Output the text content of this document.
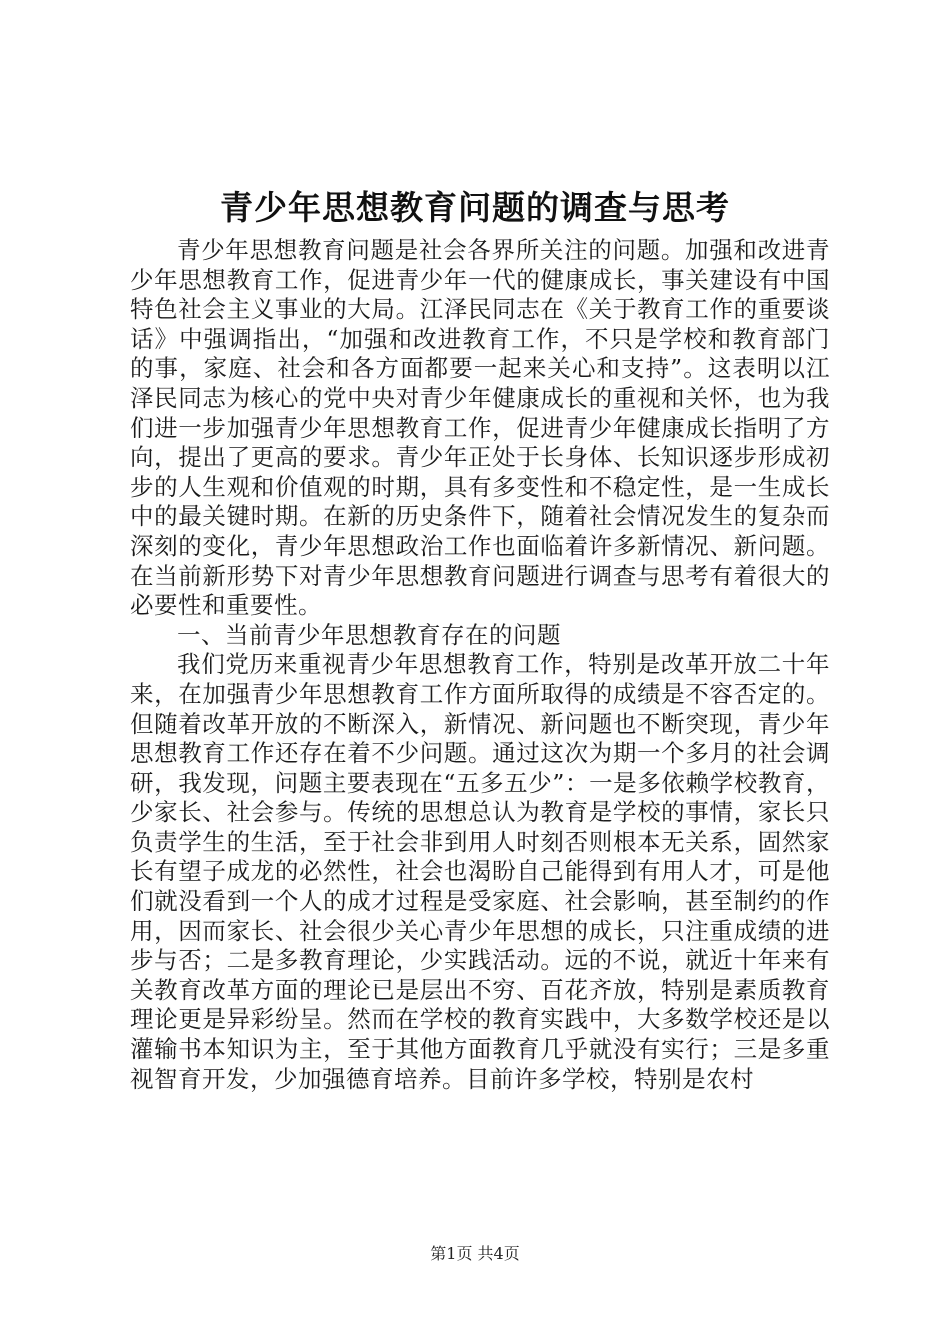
青少年思想教育问题的调查与思考

青少年思想教育问题是社会各界所关注的问题。加强和改进青少年思想教育工作，促进青少年一代的健康成长，事关建设有中国特色社会主义事业的大局。江泽民同志在《关于教育工作的重要谈话》中强调指出，“加强和改进教育工作，不只是学校和教育部门的事，家庭、社会和各方面都要一起来关心和支持”。这表明以江泽民同志为核心的党中央对青少年健康成长的重视和关怀，也为我们进一步加强青少年思想教育工作，促进青少年健康成长指明了方向，提出了更高的要求。青少年正处于长身体、长知识逐步形成初步的人生观和价值观的时期，具有多变性和不稳定性，是一生成长中的最关键时期。在新的历史条件下，随着社会情况发生的复杂而深刻的变化，青少年思想政治工作也面临着许多新情况、新问题。在当前新形势下对青少年思想教育问题进行调查与思考有着很大的必要性和重要性。

一、当前青少年思想教育存在的问题

我们党历来重视青少年思想教育工作，特别是改革开放二十年来，在加强青少年思想教育工作方面所取得的成绩是不容否定的。但随着改革开放的不断深入，新情况、新问题也不断突现，青少年思想教育工作还存在着不少问题。通过这次为期一个多月的社会调研，我发现，问题主要表现在“五多五少”：一是多依赖学校教育，少家长、社会参与。传统的思想总认为教育是学校的事情，家长只负责学生的生活，至于社会非到用人时刻否则根本无关系，固然家长有望子成龙的必然性，社会也渴盼自己能得到有用人才，可是他们就没看到一个人的成才过程是受家庭、社会影响，甚至制约的作用，因而家长、社会很少关心青少年思想的成长，只注重成绩的进步与否；二是多教育理论，少实践活动。远的不说，就近十年来有关教育改革方面的理论已是层出不穷、百花齐放，特别是素质教育理论更是异彩纷呈。然而在学校的教育实践中，大多数学校还是以灌输书本知识为主，至于其他方面教育几乎就没有实行；三是多重视智育开发，少加强德育培养。目前许多学校，特别是农村

第1页 共4页
